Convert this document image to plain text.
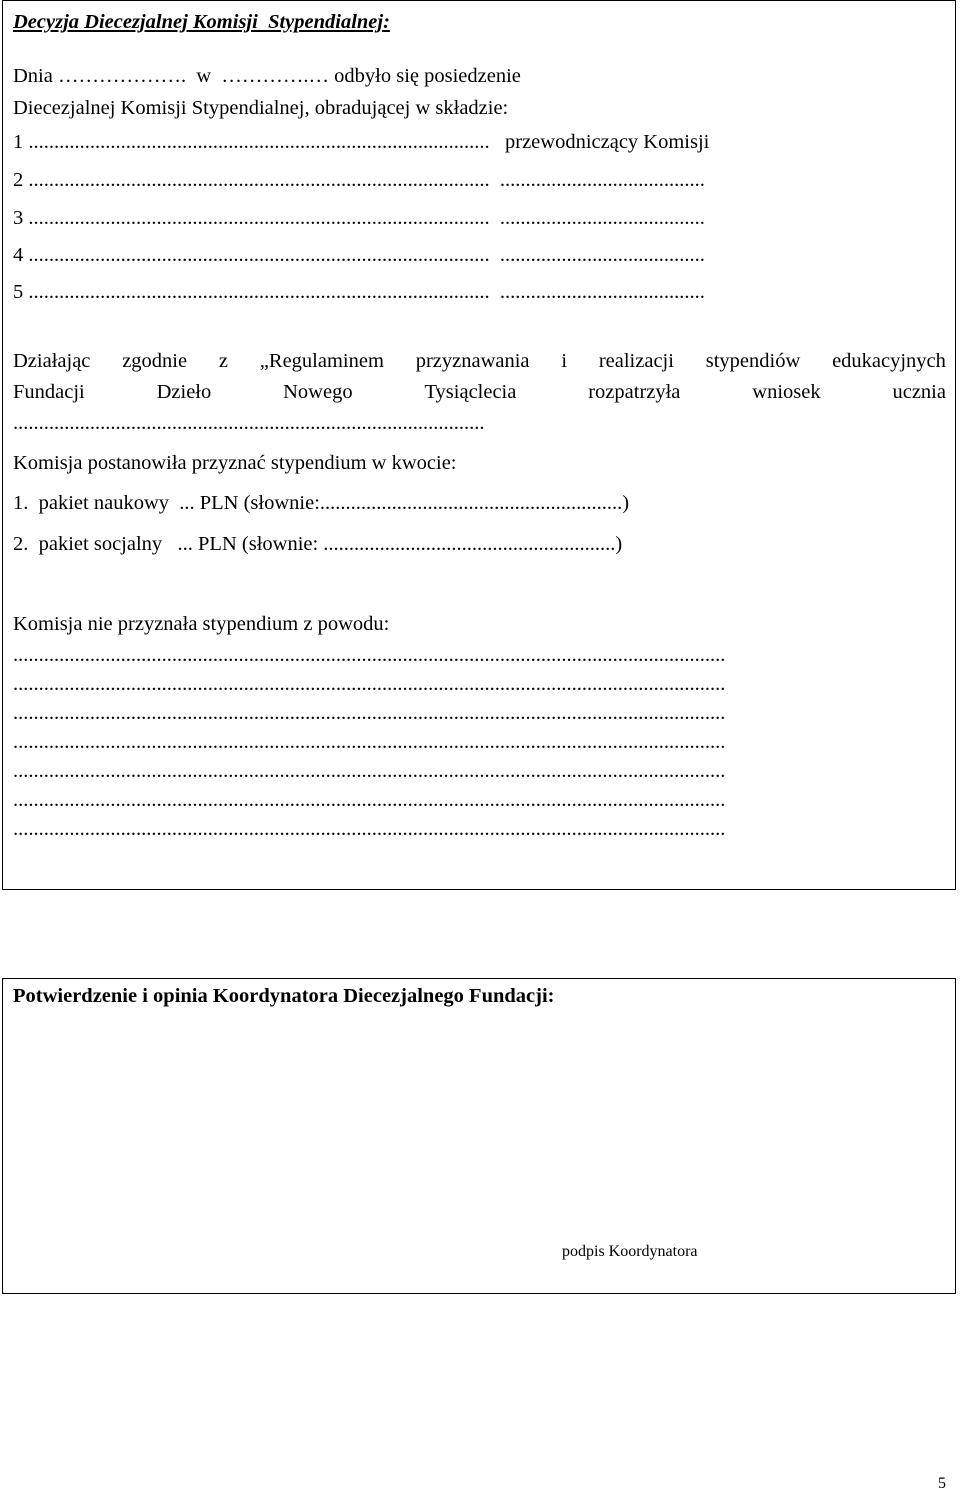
Decyzja Diecezjalnej Komisji  Stypendialnej:
Dnia ……………….  w  ………….… odbyło się posiedzenie
Diecezjalnej Komisji Stypendialnej, obradującej w składzie:
1 ..........................................................................................   przewodniczący Komisji
2 ..........................................................................................  ........................................
3 ..........................................................................................  ........................................
4 ..........................................................................................  ........................................
5 ..........................................................................................  ........................................
Działając zgodnie z „Regulaminem przyznawania i realizacji stypendiów edukacyjnych
Fundacji	Dzieło	Nowego	Tysiąclecia	rozpatrzyła	wniosek	ucznia
............................................................................................
Komisja postanowiła przyznać stypendium w kwocie:
1.  pakiet naukowy  ... PLN (słownie:...........................................................)
2.  pakiet socjalny   ... PLN (słownie: .........................................................)
Komisja nie przyznała stypendium z powodu:
...........................................................................................................................................
...........................................................................................................................................
...........................................................................................................................................
...........................................................................................................................................
...........................................................................................................................................
...........................................................................................................................................
...........................................................................................................................................
Potwierdzenie i opinia Koordynatora Diecezjalnego Fundacji:
podpis Koordynatora
5
